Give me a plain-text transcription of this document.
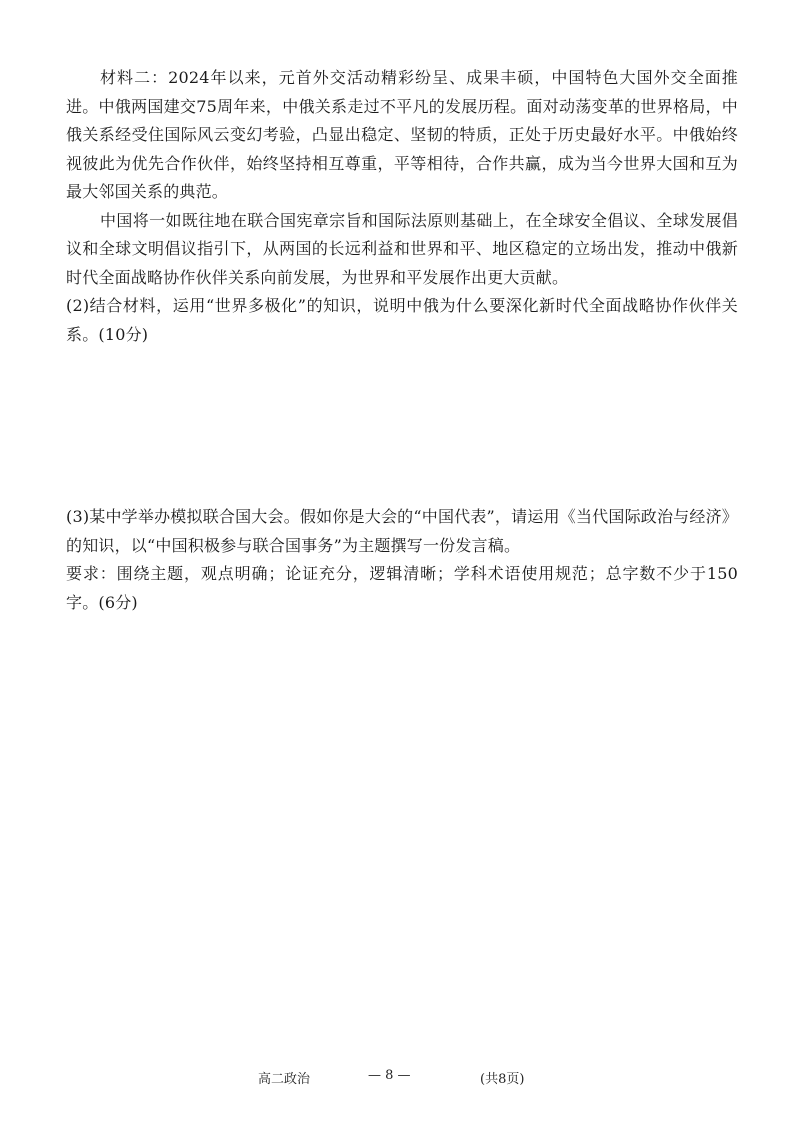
材料二：2024年以来，元首外交活动精彩纷呈、成果丰硕，中国特色大国外交全面推进。中俄两国建交75周年来，中俄关系走过不平凡的发展历程。面对动荡变革的世界格局，中俄关系经受住国际风云变幻考验，凸显出稳定、坚韧的特质，正处于历史最好水平。中俄始终视彼此为优先合作伙伴，始终坚持相互尊重，平等相待，合作共赢，成为当今世界大国和互为最大邻国关系的典范。

中国将一如既往地在联合国宪章宗旨和国际法原则基础上，在全球安全倡议、全球发展倡议和全球文明倡议指引下，从两国的长远利益和世界和平、地区稳定的立场出发，推动中俄新时代全面战略协作伙伴关系向前发展，为世界和平发展作出更大贡献。

(2)结合材料，运用“世界多极化”的知识，说明中俄为什么要深化新时代全面战略协作伙伴关系。(10分)

(3)某中学举办模拟联合国大会。假如你是大会的“中国代表”，请运用《当代国际政治与经济》的知识，以“中国积极参与联合国事务”为主题撰写一份发言稿。

要求：围绕主题，观点明确；论证充分，逻辑清晰；学科术语使用规范；总字数不少于150字。(6分)

高二政治	— 8 —	(共8页)
